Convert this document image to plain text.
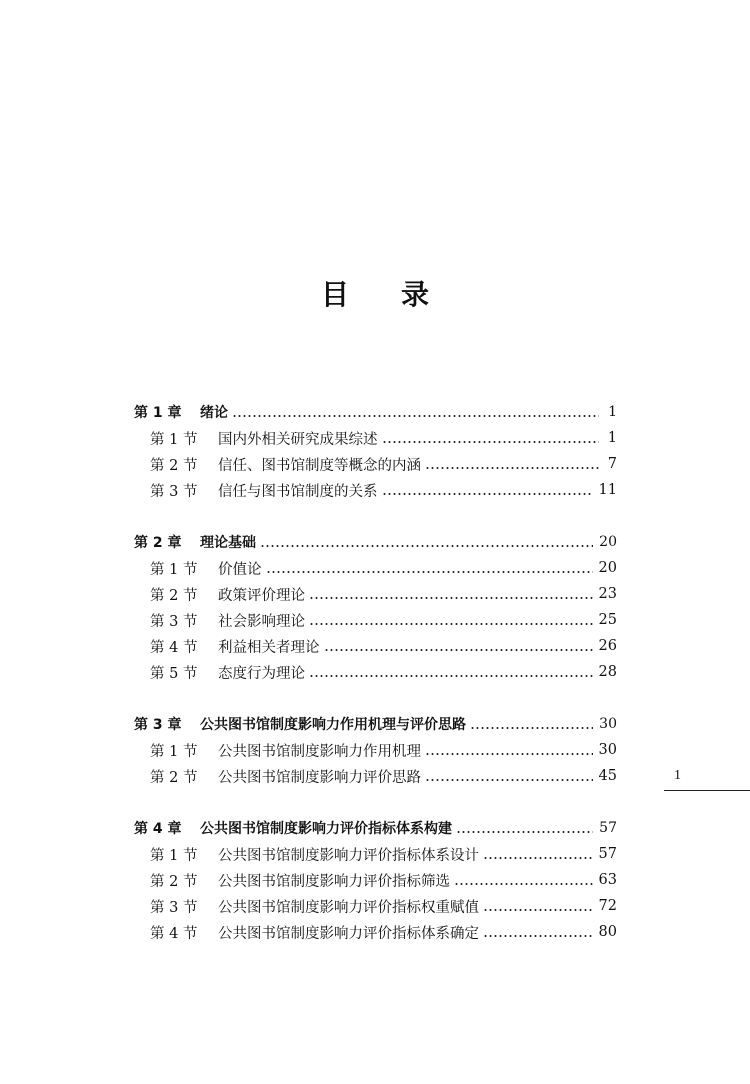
目 录
第 1 章	绪论	1
第 1 节	国内外相关研究成果综述	1
第 2 节	信任、图书馆制度等概念的内涵	7
第 3 节	信任与图书馆制度的关系	11
第 2 章	理论基础	20
第 1 节	价值论	20
第 2 节	政策评价理论	23
第 3 节	社会影响理论	25
第 4 节	利益相关者理论	26
第 5 节	态度行为理论	28
第 3 章	公共图书馆制度影响力作用机理与评价思路	30
第 1 节	公共图书馆制度影响力作用机理	30
第 2 节	公共图书馆制度影响力评价思路	45
第 4 章	公共图书馆制度影响力评价指标体系构建	57
第 1 节	公共图书馆制度影响力评价指标体系设计	57
第 2 节	公共图书馆制度影响力评价指标筛选	63
第 3 节	公共图书馆制度影响力评价指标权重赋值	72
第 4 节	公共图书馆制度影响力评价指标体系确定	80
1
